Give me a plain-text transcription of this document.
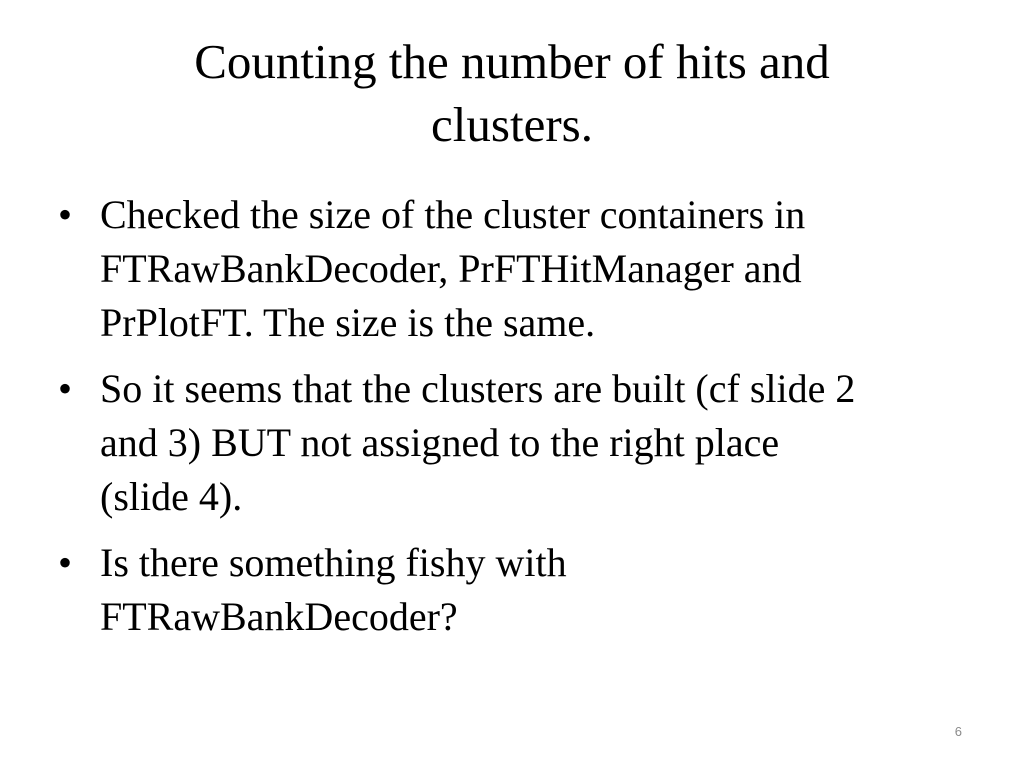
Counting the number of hits and
clusters.
• Checked the size of the cluster containers in
FTRawBankDecoder, PrFTHitManager and
PrPlotFT. The size is the same.
• So it seems that the clusters are built (cf slide 2
and 3) BUT not assigned to the right place
(slide 4).
• Is there something fishy with
FTRawBankDecoder?
6
